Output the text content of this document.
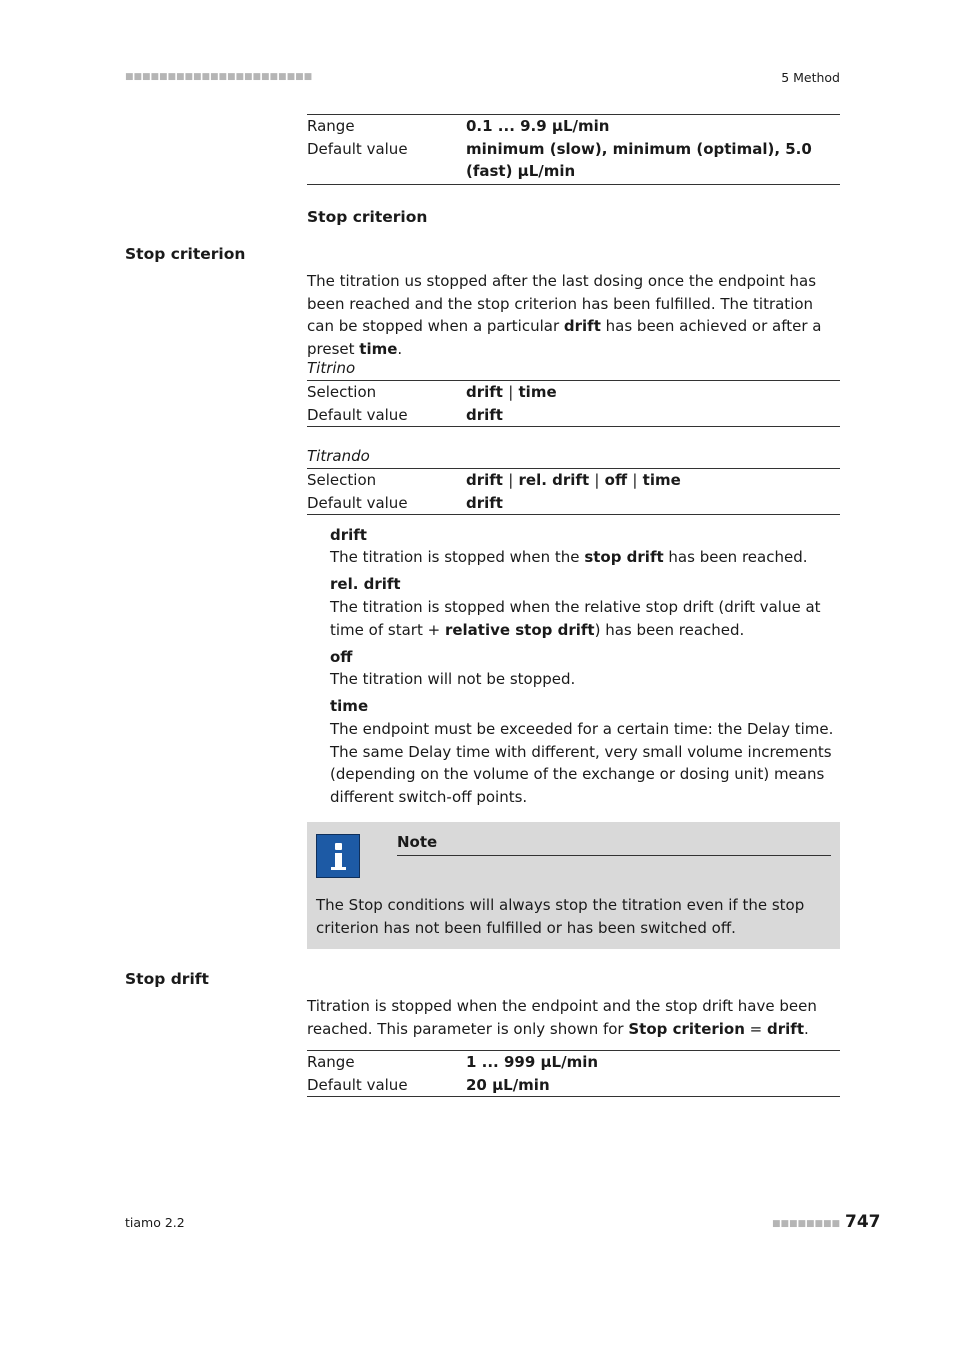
■■■■■■■■■■■■■■■■■■■■■■	5 Method
Range	0.1 ... 9.9 µL/min
Default value	minimum (slow), minimum (optimal), 5.0 (fast) µL/min
Stop criterion
Stop criterion
The titration us stopped after the last dosing once the endpoint has been reached and the stop criterion has been fulfilled. The titration can be stopped when a particular drift has been achieved or after a preset time.
Titrino
Selection	drift | time
Default value	drift
Titrando
Selection	drift | rel. drift | off | time
Default value	drift
drift
The titration is stopped when the stop drift has been reached.
rel. drift
The titration is stopped when the relative stop drift (drift value at time of start + relative stop drift) has been reached.
off
The titration will not be stopped.
time
The endpoint must be exceeded for a certain time: the Delay time. The same Delay time with different, very small volume increments (depending on the volume of the exchange or dosing unit) means different switch-off points.
Note
The Stop conditions will always stop the titration even if the stop criterion has not been fulfilled or has been switched off.
Stop drift
Titration is stopped when the endpoint and the stop drift have been reached. This parameter is only shown for Stop criterion = drift.
Range	1 ... 999 µL/min
Default value	20 µL/min
tiamo 2.2	■■■■■■■■ 747
